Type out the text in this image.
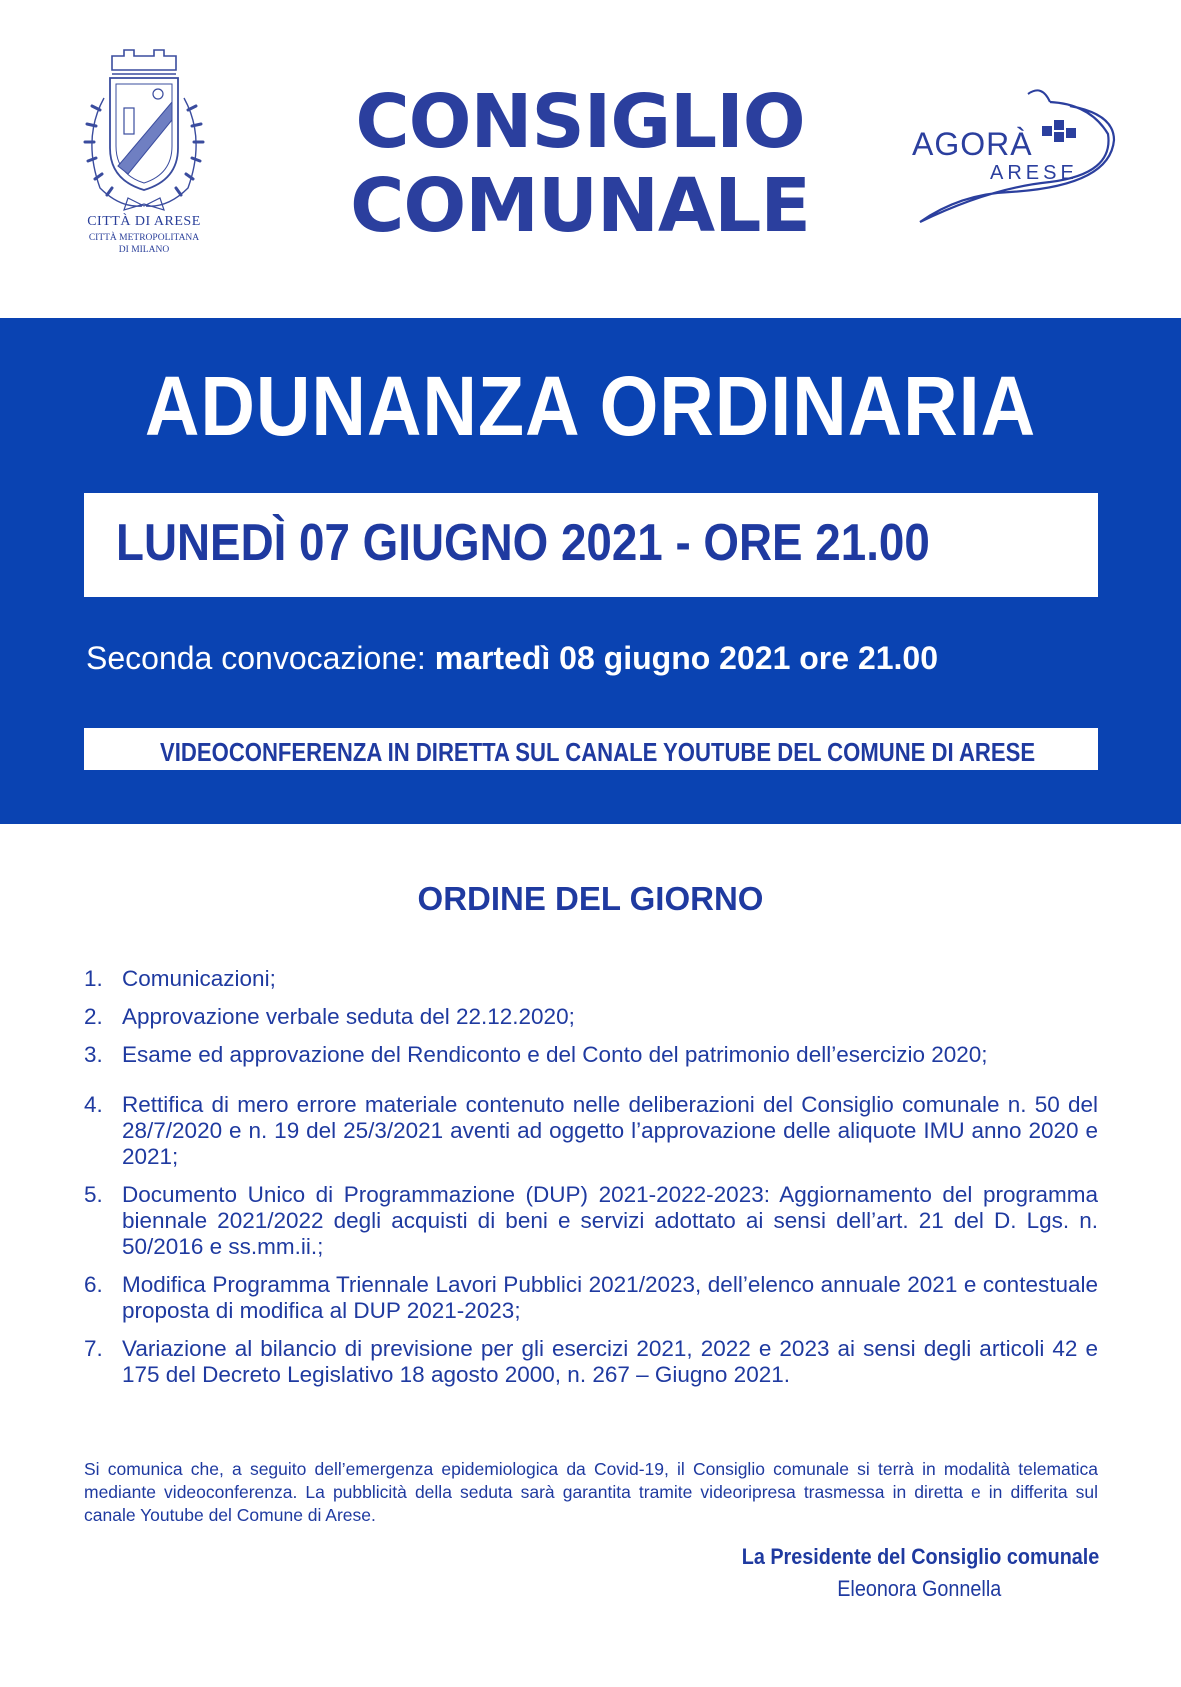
CITTÀ DI ARESE
CITTÀ METROPOLITANA
DI MILANO
CONSIGLIO
COMUNALE
AGORÀ
ARESE
ADUNANZA ORDINARIA
LUNEDÌ 07 GIUGNO 2021 - ORE 21.00
Seconda convocazione: martedì 08 giugno 2021 ore 21.00
VIDEOCONFERENZA IN DIRETTA SUL CANALE YOUTUBE DEL COMUNE DI ARESE
ORDINE DEL GIORNO
1. Comunicazioni;
2. Approvazione verbale seduta del 22.12.2020;
3. Esame ed approvazione del Rendiconto e del Conto del patrimonio dell’esercizio 2020;
4. Rettifica di mero errore materiale contenuto nelle deliberazioni del Consiglio comunale n. 50 del 28/7/2020 e n. 19 del 25/3/2021 aventi ad oggetto l’approvazione delle aliquote IMU anno 2020 e 2021;
5. Documento Unico di Programmazione (DUP) 2021-2022-2023: Aggiornamento del programma biennale 2021/2022 degli acquisti di beni e servizi adottato ai sensi dell’art. 21 del D. Lgs. n. 50/2016 e ss.mm.ii.;
6. Modifica Programma Triennale Lavori Pubblici 2021/2023, dell’elenco annuale 2021 e contestuale proposta di modifica al DUP 2021-2023;
7. Variazione al bilancio di previsione per gli esercizi 2021, 2022 e 2023 ai sensi degli articoli 42 e 175 del Decreto Legislativo 18 agosto 2000, n. 267 – Giugno 2021.
Si comunica che, a seguito dell’emergenza epidemiologica da Covid-19, il Consiglio comunale si terrà in modalità telematica mediante videoconferenza. La pubblicità della seduta sarà garantita tramite videoripresa trasmessa in diretta e in differita sul canale Youtube del Comune di Arese.
La Presidente del Consiglio comunale
Eleonora Gonnella
